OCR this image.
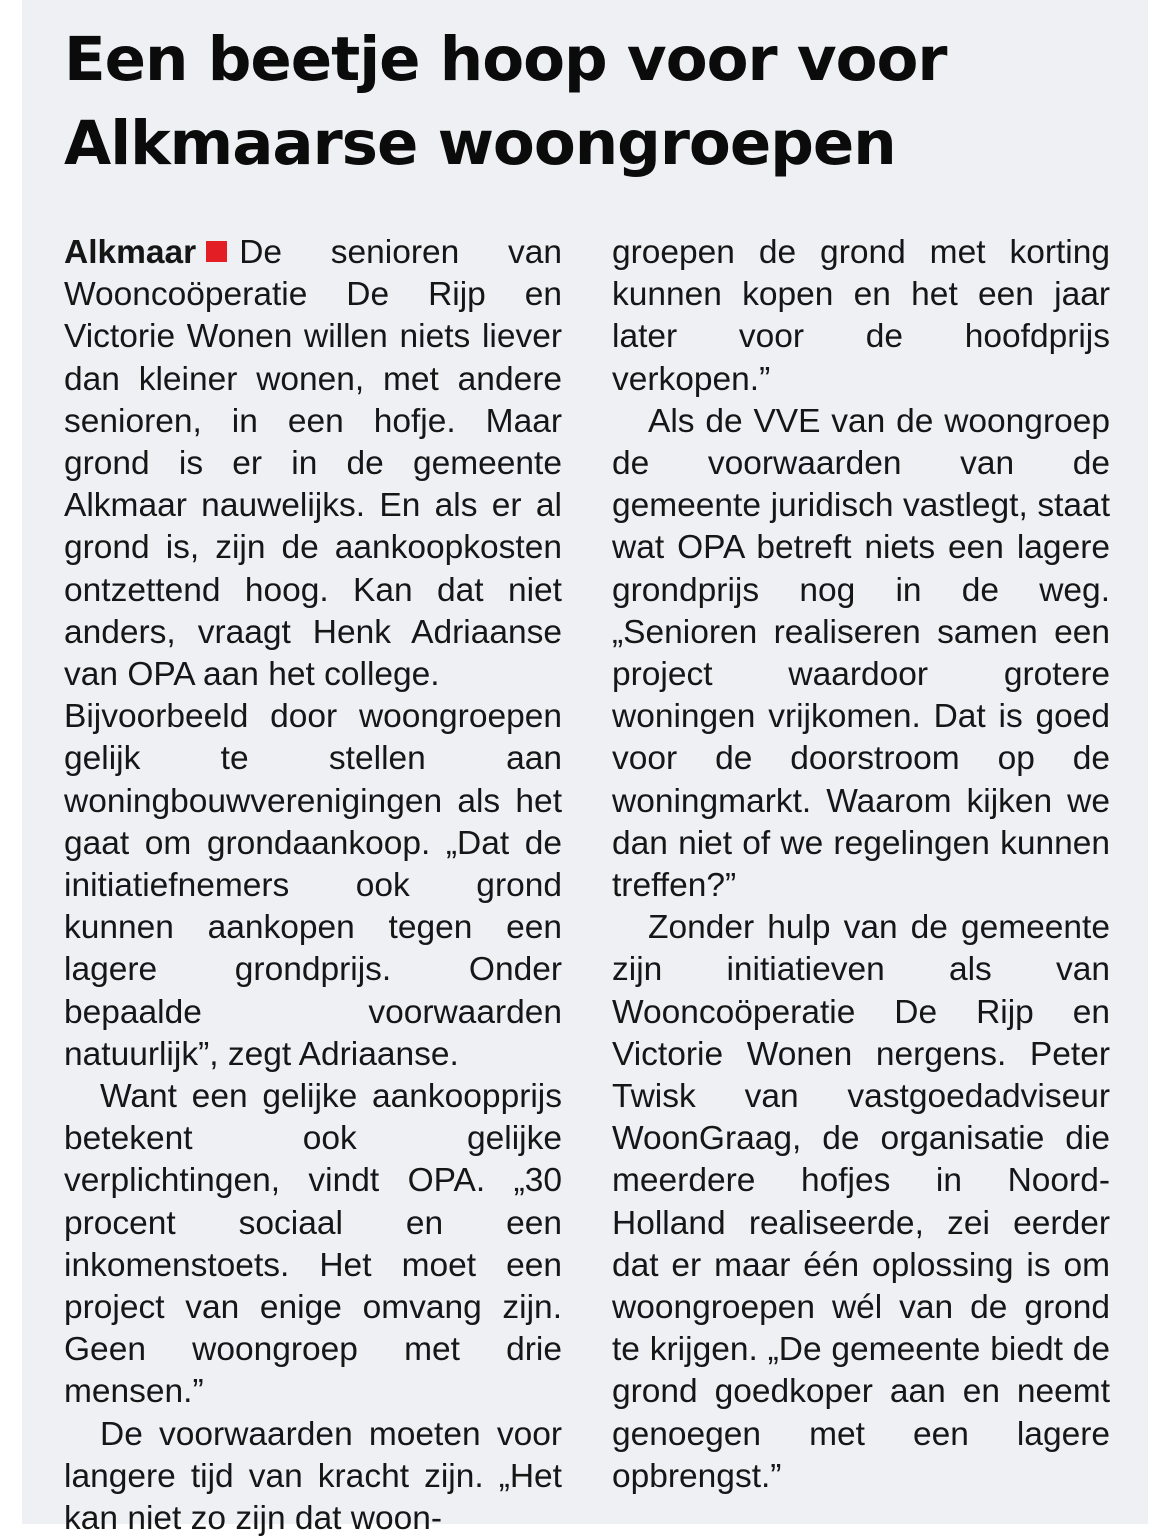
Een beetje hoop voor voor Alkmaarse woongroepen

Alkmaar De senioren van Wooncoöperatie De Rijp en Victorie Wonen willen niets liever dan kleiner wonen, met andere senioren, in een hofje. Maar grond is er in de gemeente Alkmaar nauwelijks. En als er al grond is, zijn de aankoopkosten ontzettend hoog. Kan dat niet anders, vraagt Henk Adriaanse van OPA aan het college.

Bijvoorbeeld door woongroepen gelijk te stellen aan woningbouwverenigingen als het gaat om grondaankoop. „Dat de initiatiefnemers ook grond kunnen aankopen tegen een lagere grondprijs. Onder bepaalde voorwaarden natuurlijk”, zegt Adriaanse.

Want een gelijke aankoopprijs betekent ook gelijke verplichtingen, vindt OPA. „30 procent sociaal en een inkomenstoets. Het moet een project van enige omvang zijn. Geen woongroep met drie mensen.”

De voorwaarden moeten voor langere tijd van kracht zijn. „Het kan niet zo zijn dat woon-

groepen de grond met korting kunnen kopen en het een jaar later voor de hoofdprijs verkopen.”

Als de VVE van de woongroep de voorwaarden van de gemeente juridisch vastlegt, staat wat OPA betreft niets een lagere grondprijs nog in de weg. „Senioren realiseren samen een project waardoor grotere woningen vrijkomen. Dat is goed voor de doorstroom op de woningmarkt. Waarom kijken we dan niet of we regelingen kunnen treffen?”

Zonder hulp van de gemeente zijn initiatieven als van Wooncoöperatie De Rijp en Victorie Wonen nergens. Peter Twisk van vastgoedadviseur WoonGraag, de organisatie die meerdere hofjes in Noord-Holland realiseerde, zei eerder dat er maar één oplossing is om woongroepen wél van de grond te krijgen. „De gemeente biedt de grond goedkoper aan en neemt genoegen met een lagere opbrengst.”
